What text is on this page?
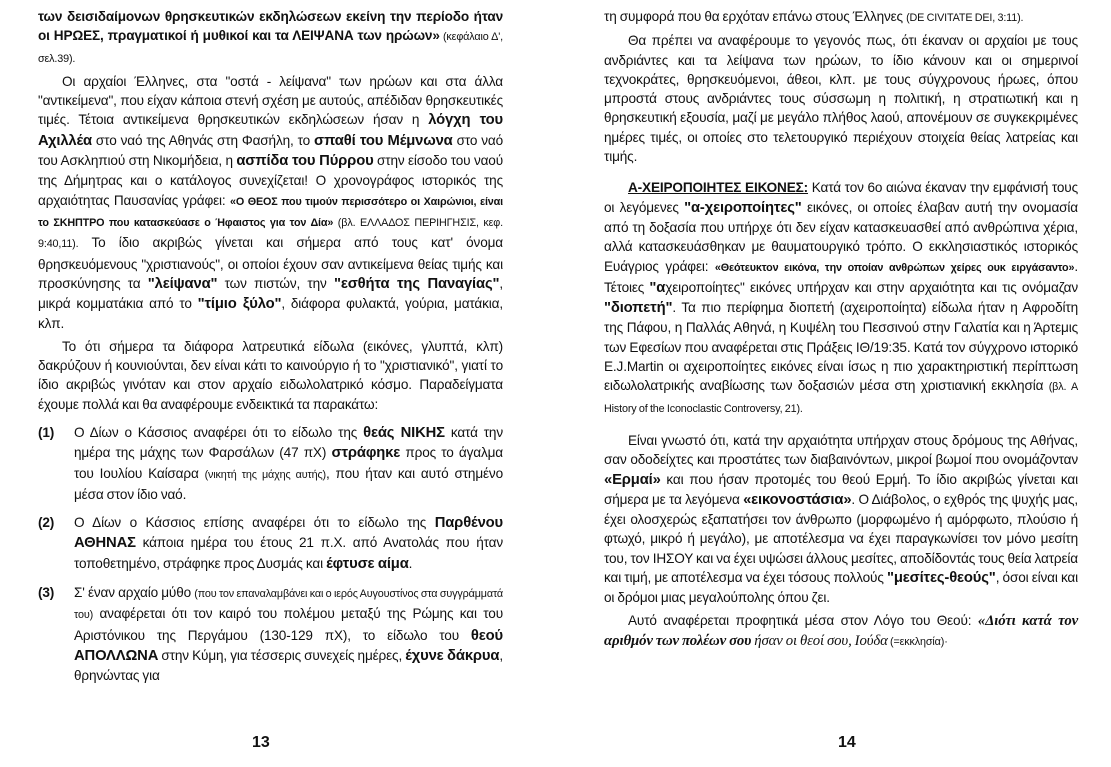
των δεισιδαίμονων θρησκευτικών εκδηλώσεων εκείνη την περίοδο ήταν οι ΗΡΩΕΣ, πραγματικοί ή μυθικοί και τα ΛΕΙΨΑΝΑ των ηρώων» (κεφάλαιο Δ', σελ.39).

Οι αρχαίοι Έλληνες, στα "οστά - λείψανα" των ηρώων και στα άλλα "αντικείμενα", που είχαν κάποια στενή σχέση με αυτούς, απέδιδαν θρησκευτικές τιμές. Τέτοια αντικείμενα θρησκευτικών εκδηλώσεων ήσαν η λόγχη του Αχιλλέα στο ναό της Αθηνάς στη Φασήλη, το σπαθί του Μέμνωνα στο ναό του Ασκληπιού στη Νικομήδεια, η ασπίδα του Πύρρου στην είσοδο του ναού της Δήμητρας και ο κατάλογος συνεχίζεται! Ο χρονογράφος ιστορικός της αρχαιότητας Παυσανίας γράφει: «Ο ΘΕΟΣ που τιμούν περισσότερο οι Χαιρώνιοι, είναι το ΣΚΗΠΤΡΟ που κατασκεύασε ο Ήφαιστος για τον Δία» (βλ. ΕΛΛΑΔΟΣ ΠΕΡΙΗΓΗΣΙΣ, κεφ. 9:40,11). Το ίδιο ακριβώς γίνεται και σήμερα από τους κατ' όνομα θρησκευόμενους "χριστιανούς", οι οποίοι έχουν σαν αντικείμενα θείας τιμής και προσκύνησης τα "λείψανα" των πιστών, την "εσθήτα της Παναγίας", μικρά κομματάκια από το "τίμιο ξύλο", διάφορα φυλακτά, γούρια, ματάκια, κλπ.

Το ότι σήμερα τα διάφορα λατρευτικά είδωλα (εικόνες, γλυπτά, κλπ) δακρύζουν ή κουνιούνται, δεν είναι κάτι το καινούργιο ή το "χριστιανικό", γιατί το ίδιο ακριβώς γινόταν και στον αρχαίο ειδωλολατρικό κόσμο. Παραδείγματα έχουμε πολλά και θα αναφέρουμε ενδεικτικά τα παρακάτω:

(1) Ο Δίων ο Κάσσιος αναφέρει ότι το είδωλο της θεάς ΝΙΚΗΣ κατά την ημέρα της μάχης των Φαρσάλων (47 πΧ) στράφηκε προς το άγαλμα του Ιουλίου Καίσαρα (νικητή της μάχης αυτής), που ήταν και αυτό στημένο μέσα στον ίδιο ναό.

(2) Ο Δίων ο Κάσσιος επίσης αναφέρει ότι το είδωλο της Παρθένου ΑΘΗΝΑΣ κάποια ημέρα του έτους 21 π.Χ. από Ανατολάς που ήταν τοποθετημένο, στράφηκε προς Δυσμάς και έφτυσε αίμα.

(3) Σ' έναν αρχαίο μύθο (που τον επαναλαμβάνει και ο ιερός Αυγουστίνος στα συγγράμματά του) αναφέρεται ότι τον καιρό του πολέμου μεταξύ της Ρώμης και του Αριστόνικου της Περγάμου (130-129 πΧ), το είδωλο του θεού ΑΠΟΛΛΩΝΑ στην Κύμη, για τέσσερις συνεχείς ημέρες, έχυνε δάκρυα, θρηνώντας για

13

τη συμφορά που θα ερχόταν επάνω στους Έλληνες (DE CIVITATE DEI, 3:11).

Θα πρέπει να αναφέρουμε το γεγονός πως, ότι έκαναν οι αρχαίοι με τους ανδριάντες και τα λείψανα των ηρώων, το ίδιο κάνουν και οι σημερινοί τεχνοκράτες, θρησκευόμενοι, άθεοι, κλπ. με τους σύγχρονους ήρωες, όπου μπροστά στους ανδριάντες τους σύσσωμη η πολιτική, η στρατιωτική και η θρησκευτική εξουσία, μαζί με μεγάλο πλήθος λαού, απονέμουν σε συγκεκριμένες ημέρες τιμές, οι οποίες στο τελετουργικό περιέχουν στοιχεία θείας λατρείας και τιμής.

Α-ΧΕΙΡΟΠΟΙΗΤΕΣ ΕΙΚΟΝΕΣ: Κατά τον 6ο αιώνα έκαναν την εμφάνισή τους οι λεγόμενες "α-χειροποίητες" εικόνες, οι οποίες έλαβαν αυτή την ονομασία από τη δοξασία που υπήρχε ότι δεν είχαν κατασκευασθεί από ανθρώπινα χέρια, αλλά κατασκευάσθηκαν με θαυματουργικό τρόπο. Ο εκκλησιαστικός ιστορικός Ευάγριος γράφει: «Θεότευκτον εικόνα, την οποίαν ανθρώπων χείρες ουκ ειργάσαντο». Τέτοιες "αχειροποίητες" εικόνες υπήρχαν και στην αρχαιότητα και τις ονόμαζαν "διοπετή". Τα πιο περίφημα διοπετή (αχειροποίητα) είδωλα ήταν η Αφροδίτη της Πάφου, η Παλλάς Αθηνά, η Κυψέλη του Πεσσινού στην Γαλατία και η Άρτεμις των Εφεσίων που αναφέρεται στις Πράξεις ΙΘ/19:35. Κατά τον σύγχρονο ιστορικό E.J.Martin οι αχειροποίητες εικόνες είναι ίσως η πιο χαρακτηριστική περίπτωση ειδωλολατρικής αναβίωσης των δοξασιών μέσα στη χριστιανική εκκλησία (βλ. A History of the Iconoclastic Controversy, 21).

Είναι γνωστό ότι, κατά την αρχαιότητα υπήρχαν στους δρόμους της Αθήνας, σαν οδοδείχτες και προστάτες των διαβαινόντων, μικροί βωμοί που ονομάζονταν «Ερμαί» και που ήσαν προτομές του θεού Ερμή. Το ίδιο ακριβώς γίνεται και σήμερα με τα λεγόμενα «εικονοστάσια». Ο Διάβολος, ο εχθρός της ψυχής μας, έχει ολοσχερώς εξαπατήσει τον άνθρωπο (μορφωμένο ή αμόρφωτο, πλούσιο ή φτωχό, μικρό ή μεγάλο), με αποτέλεσμα να έχει παραγκωνίσει τον μόνο μεσίτη του, τον ΙΗΣΟΥ και να έχει υψώσει άλλους μεσίτες, αποδίδοντάς τους θεία λατρεία και τιμή, με αποτέλεσμα να έχει τόσους πολλούς "μεσίτες-θεούς", όσοι είναι και οι δρόμοι μιας μεγαλούπολης όπου ζει.

Αυτό αναφέρεται προφητικά μέσα στον Λόγο του Θεού: «Διότι κατά τον αριθμόν των πολέων σου ήσαν οι θεοί σου, Ιούδα (=εκκλησία)·

14
